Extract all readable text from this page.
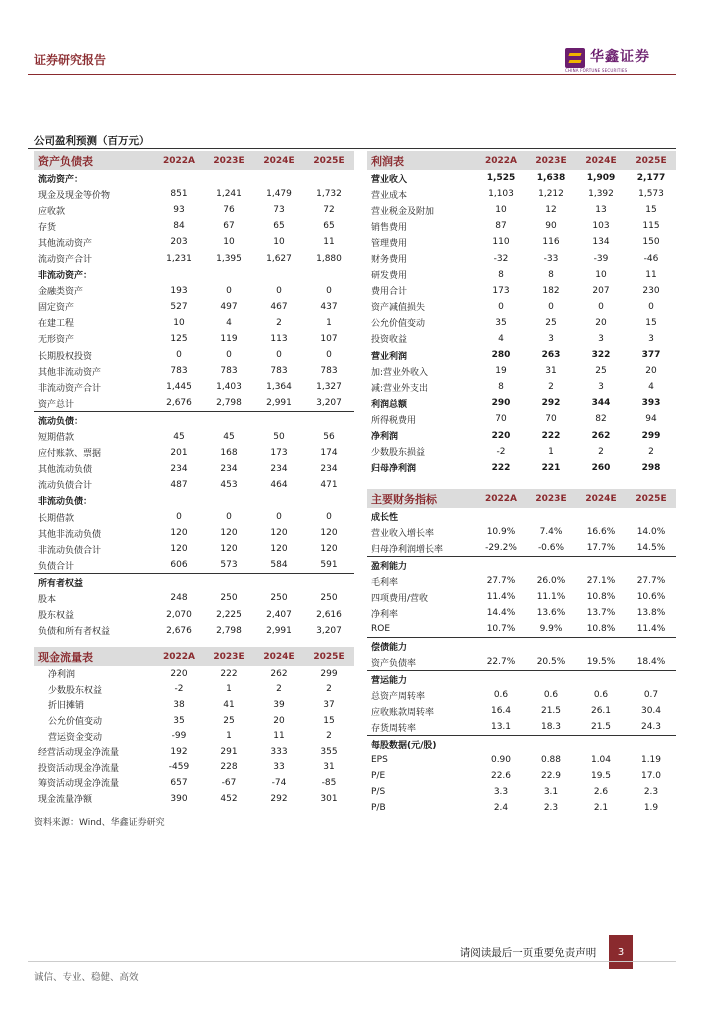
证券研究报告	华鑫证券
CHINA FORTUNE SECURITIES
公司盈利预测（百万元）
资产负债表	2022A	2023E	2024E	2025E
流动资产：
现金及现金等价物	851	1,241	1,479	1,732
应收款	93	76	73	72
存货	84	67	65	65
其他流动资产	203	10	10	11
流动资产合计	1,231	1,395	1,627	1,880
非流动资产：
金融类资产	193	0	0	0
固定资产	527	497	467	437
在建工程	10	4	2	1
无形资产	125	119	113	107
长期股权投资	0	0	0	0
其他非流动资产	783	783	783	783
非流动资产合计	1,445	1,403	1,364	1,327
资产总计	2,676	2,798	2,991	3,207
流动负债：
短期借款	45	45	50	56
应付账款、票据	201	168	173	174
其他流动负债	234	234	234	234
流动负债合计	487	453	464	471
非流动负债：
长期借款	0	0	0	0
其他非流动负债	120	120	120	120
非流动负债合计	120	120	120	120
负债合计	606	573	584	591
所有者权益
股本	248	250	250	250
股东权益	2,070	2,225	2,407	2,616
负债和所有者权益	2,676	2,798	2,991	3,207
现金流量表	2022A	2023E	2024E	2025E
净利润	220	222	262	299
少数股东权益	-2	1	2	2
折旧摊销	38	41	39	37
公允价值变动	35	25	20	15
营运资金变动	-99	1	11	2
经营活动现金净流量	192	291	333	355
投资活动现金净流量	-459	228	33	31
筹资活动现金净流量	657	-67	-74	-85
现金流量净额	390	452	292	301
利润表	2022A	2023E	2024E	2025E
营业收入	1,525	1,638	1,909	2,177
营业成本	1,103	1,212	1,392	1,573
营业税金及附加	10	12	13	15
销售费用	87	90	103	115
管理费用	110	116	134	150
财务费用	-32	-33	-39	-46
研发费用	8	8	10	11
费用合计	173	182	207	230
资产减值损失	0	0	0	0
公允价值变动	35	25	20	15
投资收益	4	3	3	3
营业利润	280	263	322	377
加:营业外收入	19	31	25	20
减:营业外支出	8	2	3	4
利润总额	290	292	344	393
所得税费用	70	70	82	94
净利润	220	222	262	299
少数股东损益	-2	1	2	2
归母净利润	222	221	260	298
主要财务指标	2022A	2023E	2024E	2025E
成长性
营业收入增长率	10.9%	7.4%	16.6%	14.0%
归母净利润增长率	-29.2%	-0.6%	17.7%	14.5%
盈利能力
毛利率	27.7%	26.0%	27.1%	27.7%
四项费用/营收	11.4%	11.1%	10.8%	10.6%
净利率	14.4%	13.6%	13.7%	13.8%
ROE	10.7%	9.9%	10.8%	11.4%
偿债能力
资产负债率	22.7%	20.5%	19.5%	18.4%
营运能力
总资产周转率	0.6	0.6	0.6	0.7
应收账款周转率	16.4	21.5	26.1	30.4
存货周转率	13.1	18.3	21.5	24.3
每股数据(元/股)
EPS	0.90	0.88	1.04	1.19
P/E	22.6	22.9	19.5	17.0
P/S	3.3	3.1	2.6	2.3
P/B	2.4	2.3	2.1	1.9
资料来源：Wind、华鑫证券研究
请阅读最后一页重要免责声明	3
诚信、专业、稳健、高效
